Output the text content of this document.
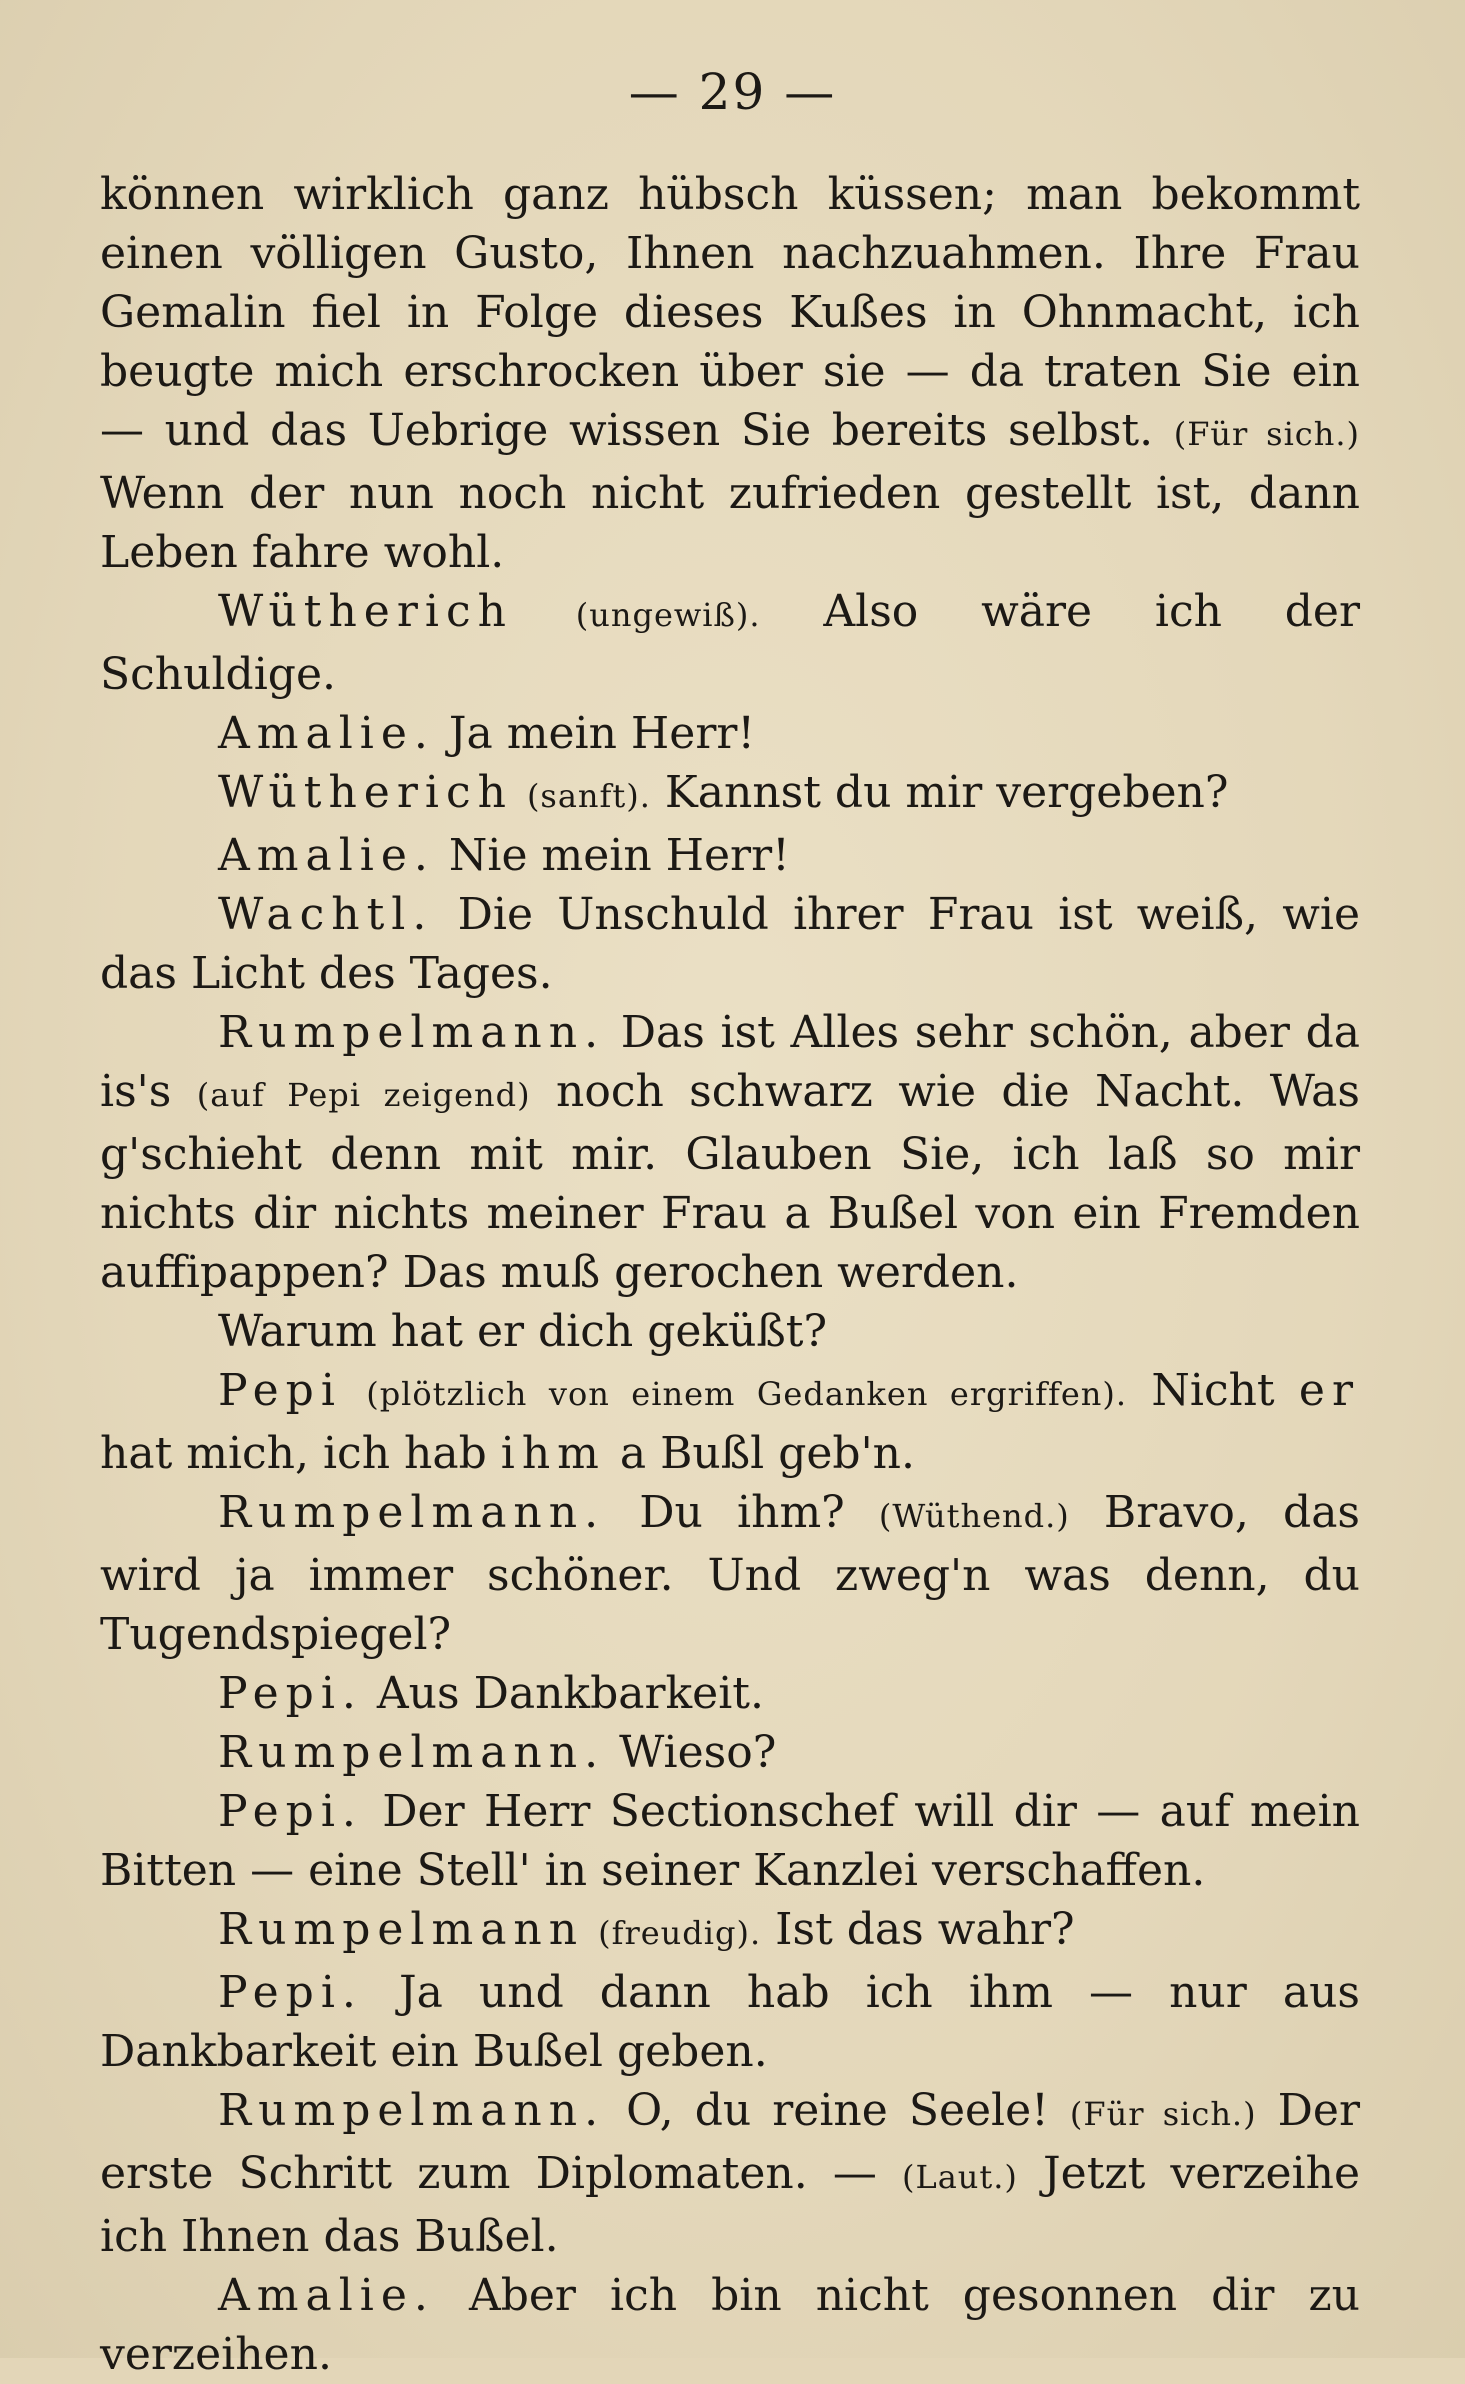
— 29 —

können wirklich ganz hübsch küssen; man bekommt einen völligen Gusto, Ihnen nachzuahmen. Ihre Frau Gemalin fiel in Folge dieses Kußes in Ohnmacht, ich beugte mich erschrocken über sie — da traten Sie ein — und das Uebrige wissen Sie bereits selbst. (Für sich.) Wenn der nun noch nicht zufrieden gestellt ist, dann Leben fahre wohl.

Wütherich (ungewiß). Also wäre ich der Schuldige.

Amalie. Ja mein Herr!

Wütherich (sanft). Kannst du mir vergeben?

Amalie. Nie mein Herr!

Wachtl. Die Unschuld ihrer Frau ist weiß, wie das Licht des Tages.

Rumpelmann. Das ist Alles sehr schön, aber da is's (auf Pepi zeigend) noch schwarz wie die Nacht. Was g'schieht denn mit mir. Glauben Sie, ich laß so mir nichts dir nichts meiner Frau a Bußel von ein Fremden auffipappen? Das muß gerochen werden.

Warum hat er dich geküßt?

Pepi (plötzlich von einem Gedanken ergriffen). Nicht er hat mich, ich hab ihm a Bußl geb'n.

Rumpelmann. Du ihm? (Wüthend.) Bravo, das wird ja immer schöner. Und zweg'n was denn, du Tugendspiegel?

Pepi. Aus Dankbarkeit.

Rumpelmann. Wieso?

Pepi. Der Herr Sectionschef will dir — auf mein Bitten — eine Stell' in seiner Kanzlei verschaffen.

Rumpelmann (freudig). Ist das wahr?

Pepi. Ja und dann hab ich ihm — nur aus Dankbarkeit ein Bußel geben.

Rumpelmann. O, du reine Seele! (Für sich.) Der erste Schritt zum Diplomaten. — (Laut.) Jetzt verzeihe ich Ihnen das Bußel.

Amalie. Aber ich bin nicht gesonnen dir zu verzeihen.
